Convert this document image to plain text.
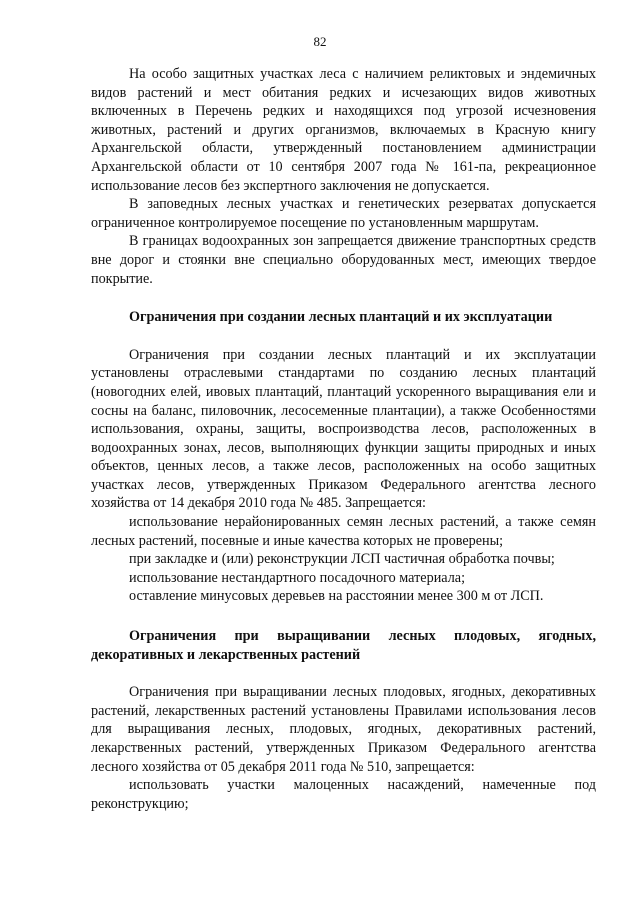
82

На особо защитных участках леса с наличием реликтовых и эндемичных видов растений и мест обитания редких и исчезающих видов животных включенных в Перечень редких и находящихся под угрозой исчезновения животных, растений и других организмов, включаемых в Красную книгу Архангельской области, утвержденный постановлением администрации Архангельской области от 10 сентября 2007 года № 161-па, рекреационное использование лесов без экспертного заключения не допускается.

В заповедных лесных участках и генетических резерватах допускается ограниченное контролируемое посещение по установленным маршрутам.

В границах водоохранных зон запрещается движение транспортных средств вне дорог и стоянки вне специально оборудованных мест, имеющих твердое покрытие.

Ограничения при создании лесных плантаций и их эксплуатации

Ограничения при создании лесных плантаций и их эксплуатации установлены отраслевыми стандартами по созданию лесных плантаций (новогодних елей, ивовых плантаций, плантаций ускоренного выращивания ели и сосны на баланс, пиловочник, лесосеменные плантации), а также Особенностями использования, охраны, защиты, воспроизводства лесов, расположенных в водоохранных зонах, лесов, выполняющих функции защиты природных и иных объектов, ценных лесов, а также лесов, расположенных на особо защитных участках лесов, утвержденных Приказом Федерального агентства лесного хозяйства от 14 декабря 2010 года № 485. Запрещается:

использование нерайонированных семян лесных растений, а также семян лесных растений, посевные и иные качества которых не проверены;

при закладке и (или) реконструкции ЛСП частичная обработка почвы;

использование нестандартного посадочного материала;

оставление минусовых деревьев на расстоянии менее 300 м от ЛСП.

Ограничения при выращивании лесных плодовых, ягодных, декоративных и лекарственных растений

Ограничения при выращивании лесных плодовых, ягодных, декоративных растений, лекарственных растений установлены Правилами использования лесов для выращивания лесных, плодовых, ягодных, декоративных растений, лекарственных растений, утвержденных Приказом Федерального агентства лесного хозяйства от 05 декабря 2011 года № 510, запрещается:

использовать участки малоценных насаждений, намеченные под реконструкцию;
